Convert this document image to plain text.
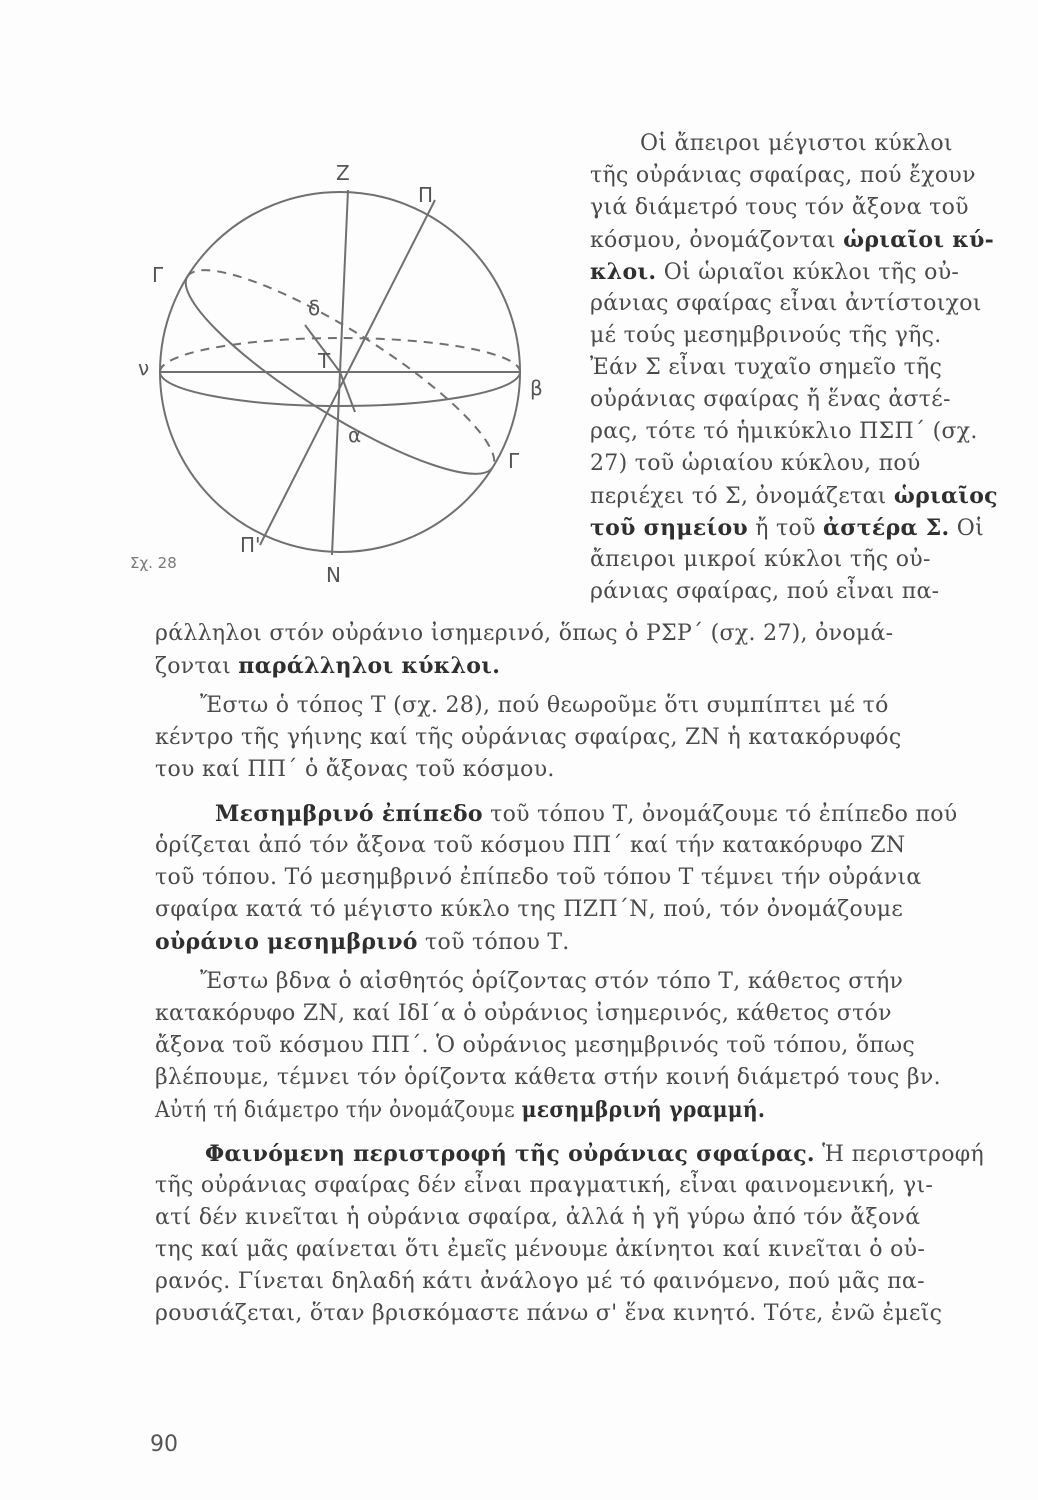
Z
Π
Γ
δ
ν	Τ
β
α
Γ
Π'
Ν
Σχ. 28
Οἱ ἄπειροι μέγιστοι κύκλοι
τῆς οὐράνιας σφαίρας, πού ἔχουν
γιά διάμετρό τους τόν ἄξονα τοῦ
κόσμου, ὀνομάζονται ὡριαῖοι κύ-
κλοι. Οἱ ὡριαῖοι κύκλοι τῆς οὐ-
ράνιας σφαίρας εἶναι ἀντίστοιχοι
μέ τούς μεσημβρινούς τῆς γῆς.
Ἐάν Σ εἶναι τυχαῖο σημεῖο τῆς
οὐράνιας σφαίρας ἤ ἕνας ἀστέ-
ρας, τότε τό ἡμικύκλιο ΠΣΠ΄ (σχ.
27) τοῦ ὡριαίου κύκλου, πού
περιέχει τό Σ, ὀνομάζεται ὡριαῖος
τοῦ σημείου ἤ τοῦ ἀστέρα Σ. Οἱ
ἄπειροι μικροί κύκλοι τῆς οὐ-
ράνιας σφαίρας, πού εἶναι πα-
ράλληλοι στόν οὐράνιο ἰσημερινό, ὅπως ὁ ΡΣΡ΄ (σχ. 27), ὀνομά-
ζονται παράλληλοι κύκλοι.
Ἔστω ὁ τόπος Τ (σχ. 28), πού θεωροῦμε ὅτι συμπίπτει μέ τό
κέντρο τῆς γήινης καί τῆς οὐράνιας σφαίρας, ΖΝ ἡ κατακόρυφός
του καί ΠΠ΄ ὁ ἄξονας τοῦ κόσμου.
Μεσημβρινό ἐπίπεδο τοῦ τόπου Τ, ὀνομάζουμε τό ἐπίπεδο πού
ὁρίζεται ἀπό τόν ἄξονα τοῦ κόσμου ΠΠ΄ καί τήν κατακόρυφο ΖΝ
τοῦ τόπου. Τό μεσημβρινό ἐπίπεδο τοῦ τόπου Τ τέμνει τήν οὐράνια
σφαίρα κατά τό μέγιστο κύκλο της ΠΖΠ΄Ν, πού, τόν ὀνομάζουμε
οὐράνιο μεσημβρινό τοῦ τόπου Τ.
Ἔστω βδνα ὁ αἰσθητός ὁρίζοντας στόν τόπο Τ, κάθετος στήν
κατακόρυφο ΖΝ, καί ΙδΙ΄α ὁ οὐράνιος ἰσημερινός, κάθετος στόν
ἄξονα τοῦ κόσμου ΠΠ΄. Ὁ οὐράνιος μεσημβρινός τοῦ τόπου, ὅπως
βλέπουμε, τέμνει τόν ὁρίζοντα κάθετα στήν κοινή διάμετρό τους βν.
Αὐτή τή διάμετρο τήν ὀνομάζουμε μεσημβρινή γραμμή.
Φαινόμενη περιστροφή τῆς οὐράνιας σφαίρας. Ἡ περιστροφή
τῆς οὐράνιας σφαίρας δέν εἶναι πραγματική, εἶναι φαινομενική, γι-
ατί δέν κινεῖται ἡ οὐράνια σφαίρα, ἀλλά ἡ γῆ γύρω ἀπό τόν ἄξονά
της καί μᾶς φαίνεται ὅτι ἐμεῖς μένουμε ἀκίνητοι καί κινεῖται ὁ οὐ-
ρανός. Γίνεται δηλαδή κάτι ἀνάλογο μέ τό φαινόμενο, πού μᾶς πα-
ρουσιάζεται, ὅταν βρισκόμαστε πάνω σ' ἕνα κινητό. Τότε, ἐνῶ ἐμεῖς
90
